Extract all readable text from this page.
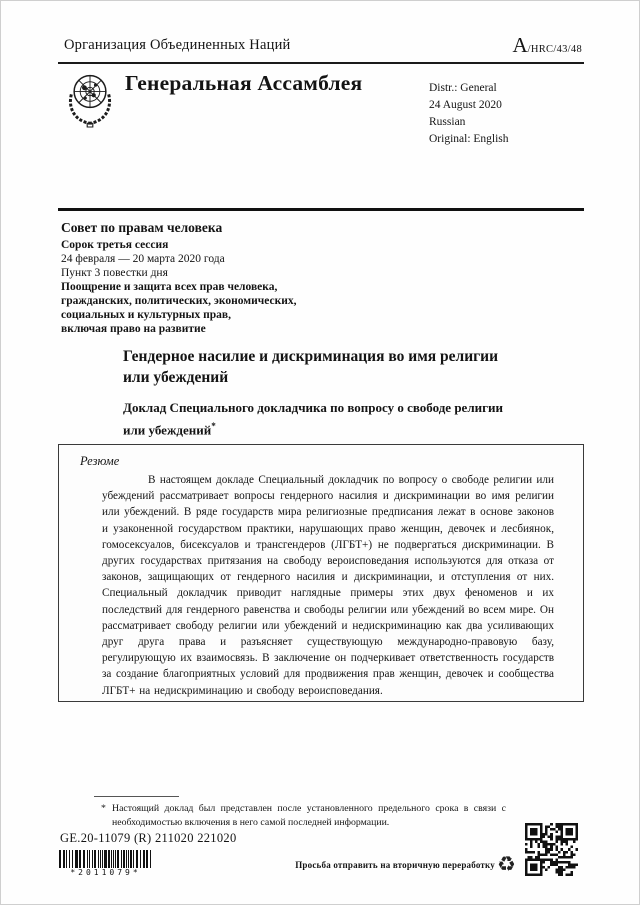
Организация Объединенных Наций	A/HRC/43/48
Генеральная Ассамблея	Distr.: General
24 August 2020
Russian
Original: English
Совет по правам человека
Сорок третья сессия
24 февраля — 20 марта 2020 года
Пункт 3 повестки дня
Поощрение и защита всех прав человека,
гражданских, политических, экономических,
социальных и культурных прав,
включая право на развитие
Гендерное насилие и дискриминация во имя религии или убеждений
Доклад Специального докладчика по вопросу о свободе религии или убеждений*
Резюме
В настоящем докладе Специальный докладчик по вопросу о свободе религии или убеждений рассматривает вопросы гендерного насилия и дискриминации во имя религии или убеждений. В ряде государств мира религиозные предписания лежат в основе законов и узаконенной государством практики, нарушающих право женщин, девочек и лесбиянок, гомосексуалов, бисексуалов и трансгендеров (ЛГБТ+) не подвергаться дискриминации. В других государствах притязания на свободу вероисповедания используются для отказа от законов, защищающих от гендерного насилия и дискриминации, и отступления от них. Специальный докладчик приводит наглядные примеры этих двух феноменов и их последствий для гендерного равенства и свободы религии или убеждений во всем мире. Он рассматривает свободу религии или убеждений и недискриминацию как два усиливающих друг друга права и разъясняет существующую международно-правовую базу, регулирующую их взаимосвязь. В заключение он подчеркивает ответственность государств за создание благоприятных условий для продвижения прав женщин, девочек и сообщества ЛГБТ+ на недискриминацию и свободу вероисповедания.
* Настоящий доклад был представлен после установленного предельного срока в связи с необходимостью включения в него самой последней информации.
GE.20-11079 (R) 211020 221020
*2011079*
Просьба отправить на вторичную переработку ♻
